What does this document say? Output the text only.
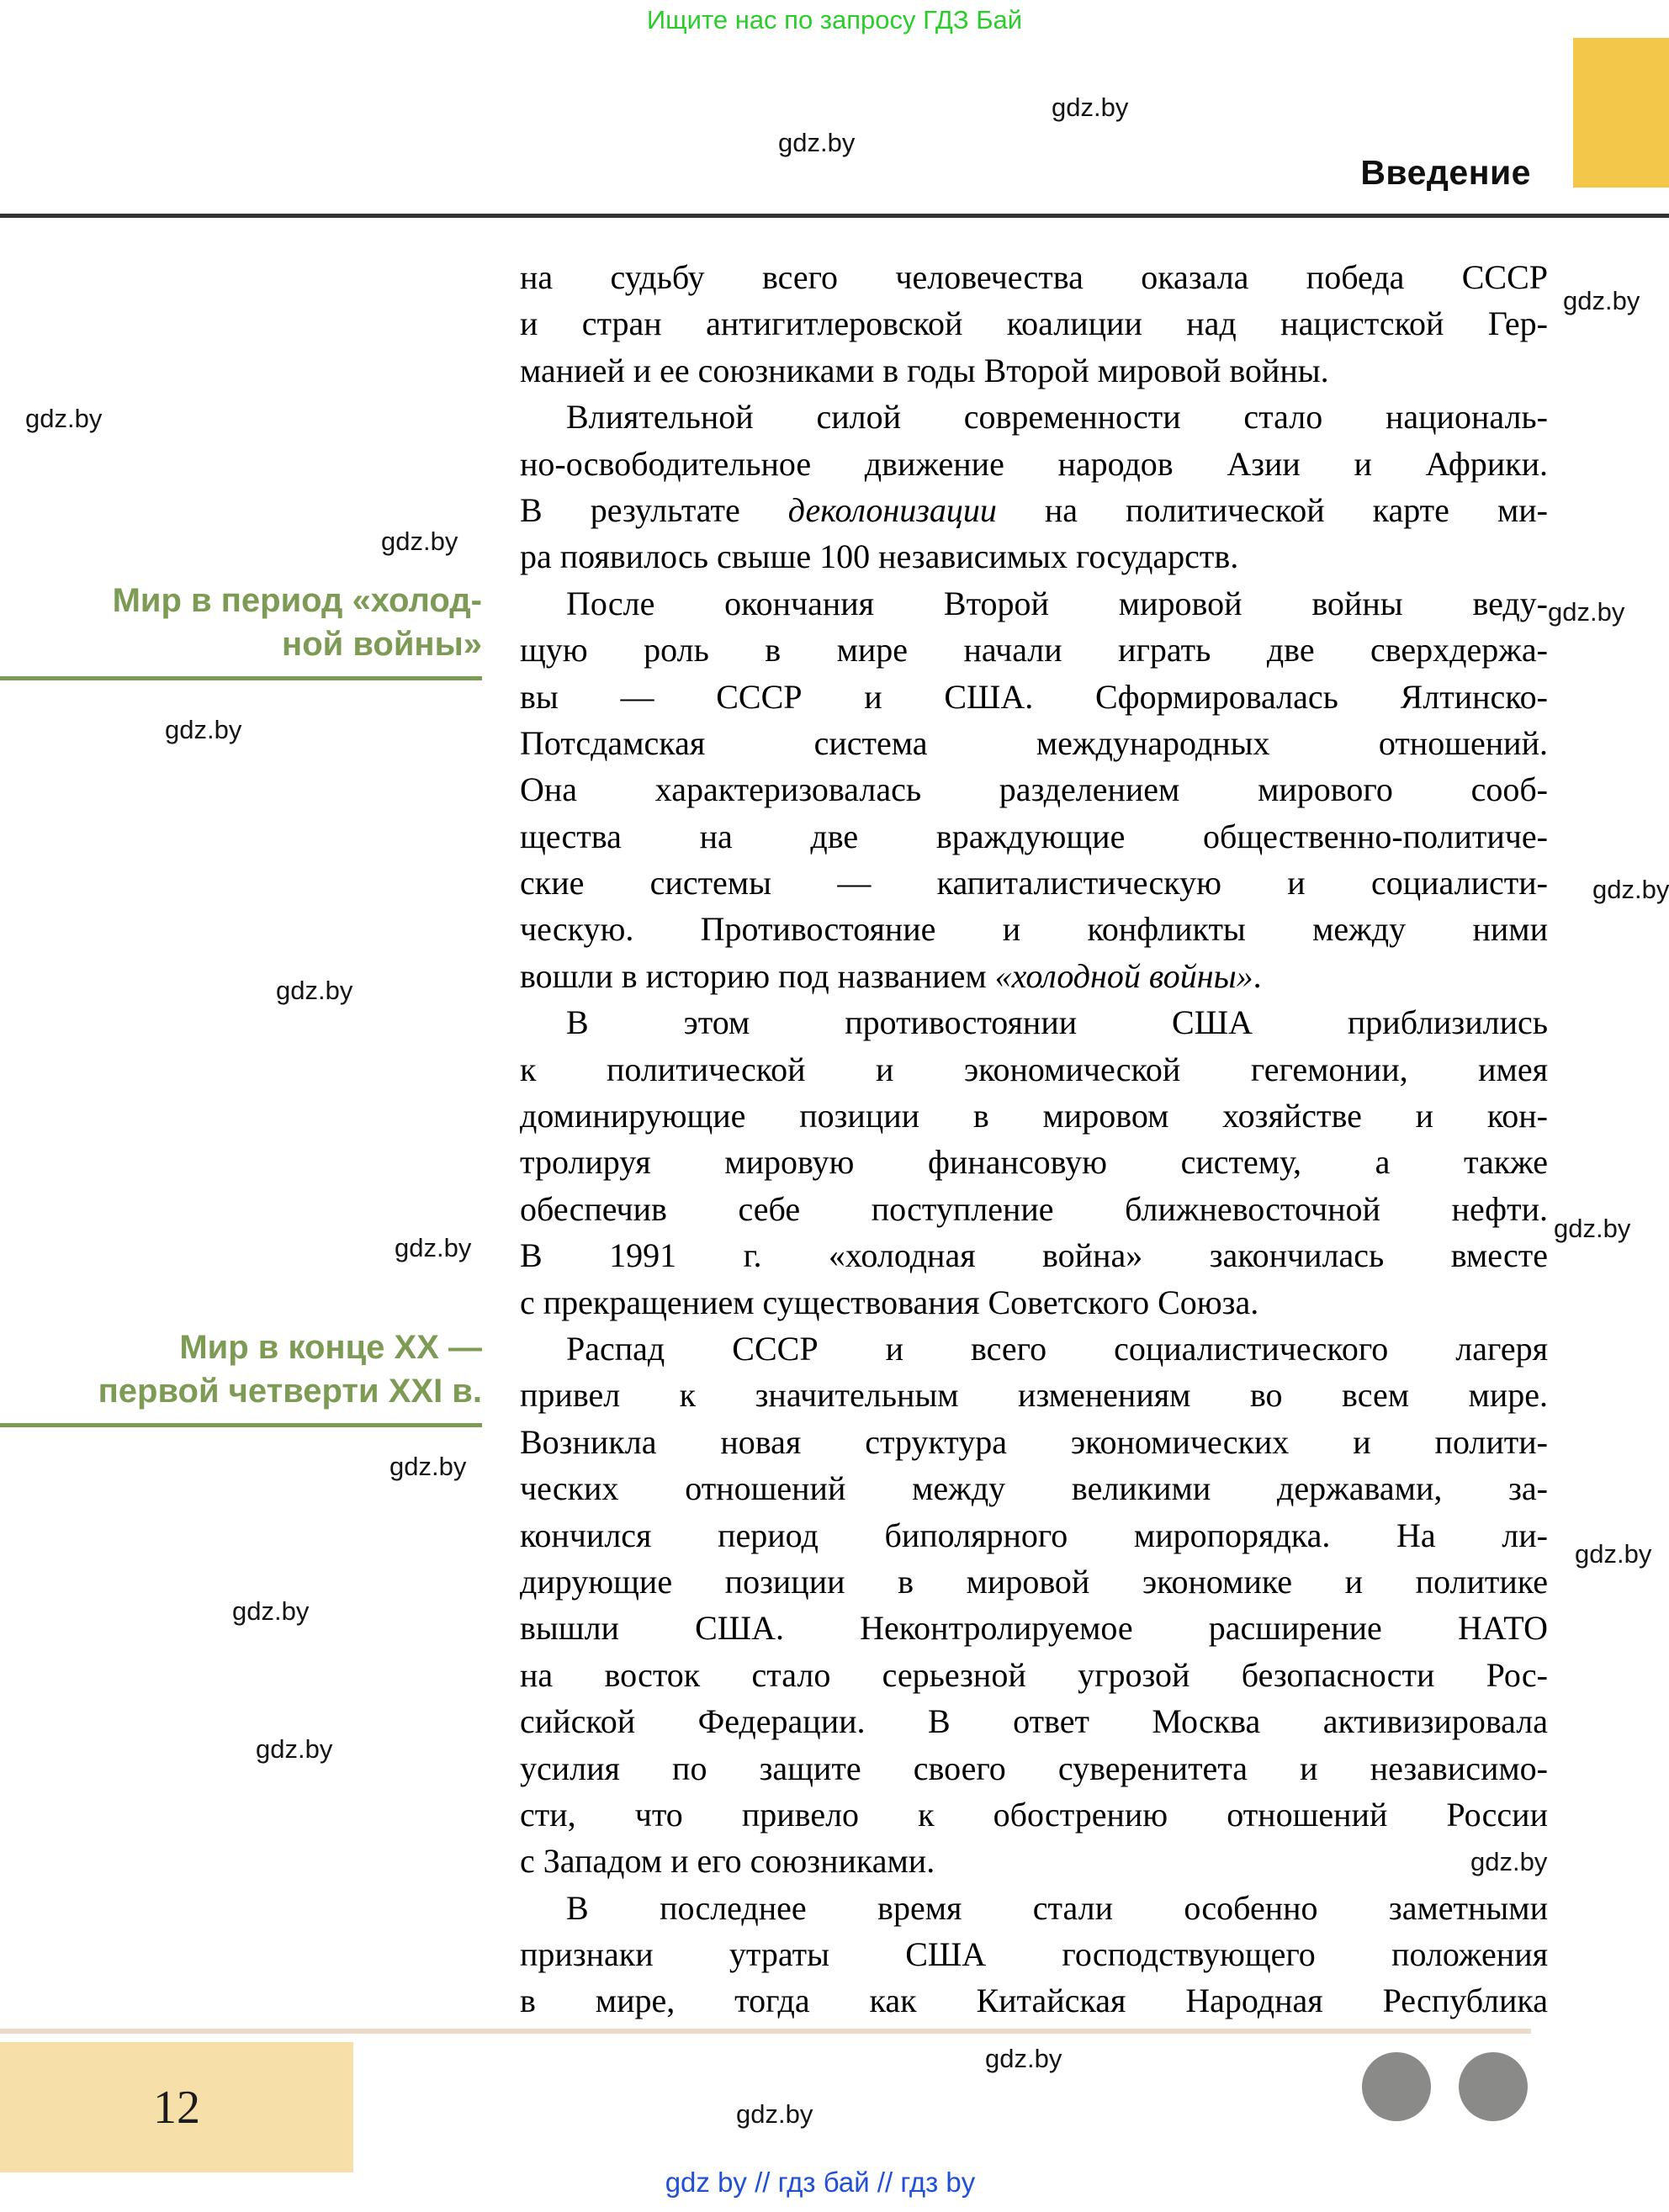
Ищите нас по запросу ГДЗ Бай
gdz.by
gdz.by
gdz.by
gdz.by
gdz.by
gdz.by
gdz.by
gdz.by
gdz.by
gdz.by
gdz.by
gdz.by
gdz.by
gdz.by
gdz.by
gdz.by
gdz.by
gdz.by
Введение
Мир в период «холод-
ной войны»
Мир в конце XX —
первой четверти XXI в.
на судьбу всего человечества оказала победа СССР
и стран антигитлеровской коалиции над нацистской Гер-
манией и ее союзниками в годы Второй мировой войны.
Влиятельной силой современности стало националь-
но-освободительное движение народов Азии и Африки.
В результате деколонизации на политической карте ми-
ра появилось свыше 100 независимых государств.
После окончания Второй мировой войны веду-
щую роль в мире начали играть две сверхдержа-
вы — СССР и США. Сформировалась Ялтинско-
Потсдамская система международных отношений.
Она характеризовалась разделением мирового сооб-
щества на две враждующие общественно-политиче-
ские системы — капиталистическую и социалисти-
ческую. Противостояние и конфликты между ними
вошли в историю под названием «холодной войны».
В этом противостоянии США приблизились
к политической и экономической гегемонии, имея
доминирующие позиции в мировом хозяйстве и кон-
тролируя мировую финансовую систему, а также
обеспечив себе поступление ближневосточной нефти.
В 1991 г. «холодная война» закончилась вместе
с прекращением существования Советского Союза.
Распад СССР и всего социалистического лагеря
привел к значительным изменениям во всем мире.
Возникла новая структура экономических и полити-
ческих отношений между великими державами, за-
кончился период биполярного миропорядка. На ли-
дирующие позиции в мировой экономике и политике
вышли США. Неконтролируемое расширение НАТО
на восток стало серьезной угрозой безопасности Рос-
сийской Федерации. В ответ Москва активизировала
усилия по защите своего суверенитета и независимо-
сти, что привело к обострению отношений России
с Западом и его союзниками.
В последнее время стали особенно заметными
признаки утраты США господствующего положения
в мире, тогда как Китайская Народная Республика
12
gdz by // гдз бай // гдз by
